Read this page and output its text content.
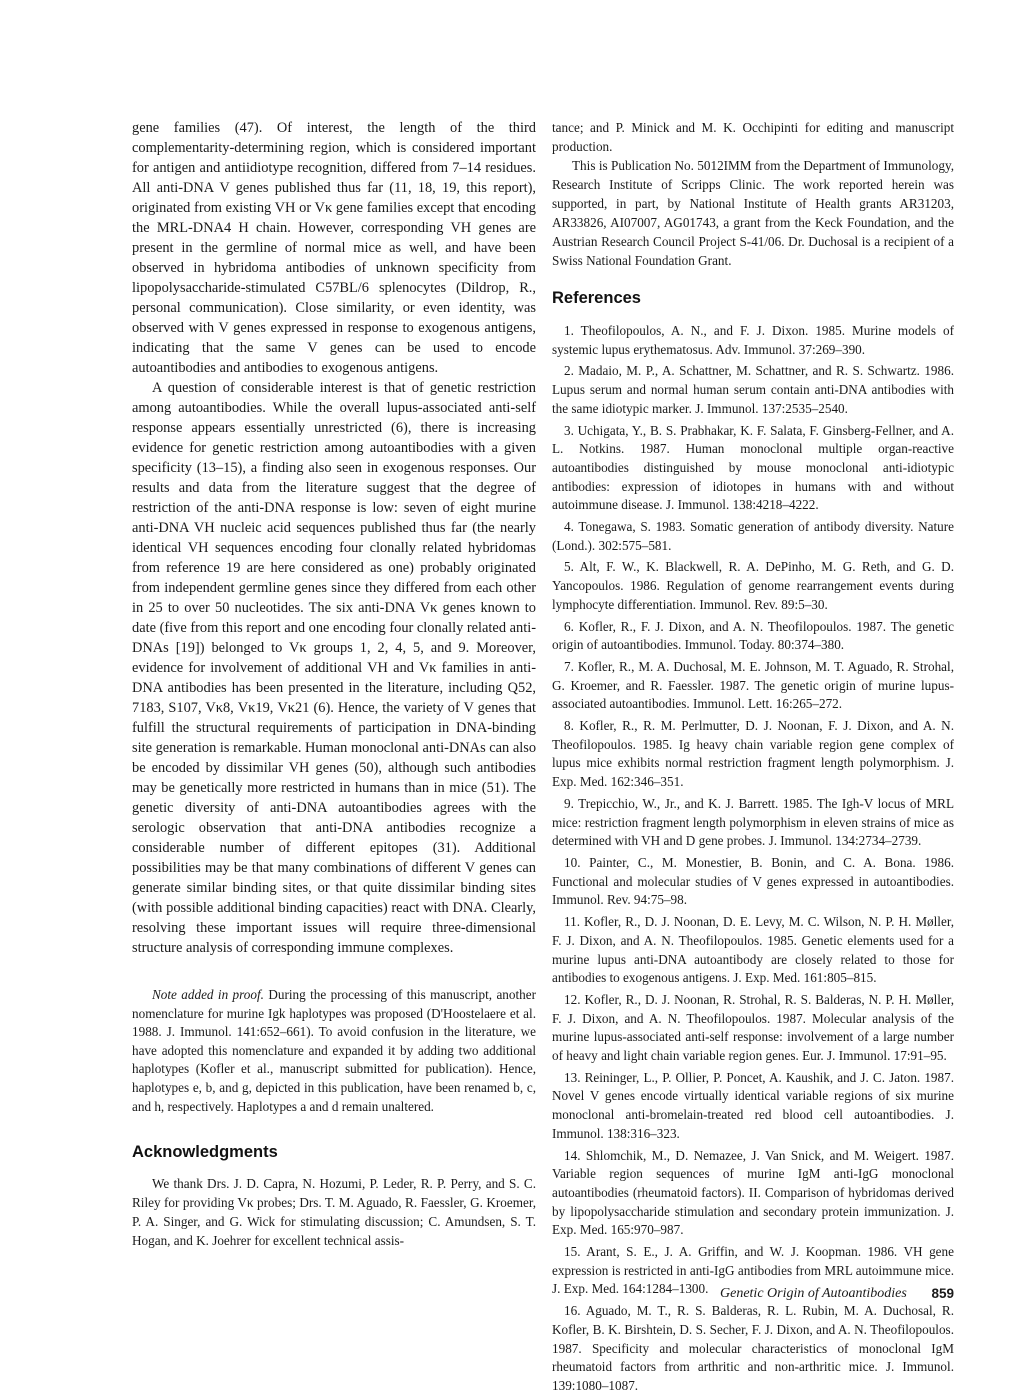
gene families (47). Of interest, the length of the third complementarity-determining region, which is considered important for antigen and antiidiotype recognition, differed from 7–14 residues. All anti-DNA V genes published thus far (11, 18, 19, this report), originated from existing VH or Vκ gene families except that encoding the MRL-DNA4 H chain. However, corresponding VH genes are present in the germline of normal mice as well, and have been observed in hybridoma antibodies of unknown specificity from lipopolysaccharide-stimulated C57BL/6 splenocytes (Dildrop, R., personal communication). Close similarity, or even identity, was observed with V genes expressed in response to exogenous antigens, indicating that the same V genes can be used to encode autoantibodies and antibodies to exogenous antigens.

A question of considerable interest is that of genetic restriction among autoantibodies. While the overall lupus-associated anti-self response appears essentially unrestricted (6), there is increasing evidence for genetic restriction among autoantibodies with a given specificity (13–15), a finding also seen in exogenous responses. Our results and data from the literature suggest that the degree of restriction of the anti-DNA response is low: seven of eight murine anti-DNA VH nucleic acid sequences published thus far (the nearly identical VH sequences encoding four clonally related hybridomas from reference 19 are here considered as one) probably originated from independent germline genes since they differed from each other in 25 to over 50 nucleotides. The six anti-DNA Vκ genes known to date (five from this report and one encoding four clonally related anti-DNAs [19]) belonged to Vκ groups 1, 2, 4, 5, and 9. Moreover, evidence for involvement of additional VH and Vκ families in anti-DNA antibodies has been presented in the literature, including Q52, 7183, S107, Vκ8, Vκ19, Vκ21 (6). Hence, the variety of V genes that fulfill the structural requirements of participation in DNA-binding site generation is remarkable. Human monoclonal anti-DNAs can also be encoded by dissimilar VH genes (50), although such antibodies may be genetically more restricted in humans than in mice (51). The genetic diversity of anti-DNA autoantibodies agrees with the serologic observation that anti-DNA antibodies recognize a considerable number of different epitopes (31). Additional possibilities may be that many combinations of different V genes can generate similar binding sites, or that quite dissimilar binding sites (with possible additional binding capacities) react with DNA. Clearly, resolving these important issues will require three-dimensional structure analysis of corresponding immune complexes.

Note added in proof. During the processing of this manuscript, another nomenclature for murine Igk haplotypes was proposed (D'Hoostelaere et al. 1988. J. Immunol. 141:652–661). To avoid confusion in the literature, we have adopted this nomenclature and expanded it by adding two additional haplotypes (Kofler et al., manuscript submitted for publication). Hence, haplotypes e, b, and g, depicted in this publication, have been renamed b, c, and h, respectively. Haplotypes a and d remain unaltered.

Acknowledgments

We thank Drs. J. D. Capra, N. Hozumi, P. Leder, R. P. Perry, and S. C. Riley for providing Vκ probes; Drs. T. M. Aguado, R. Faessler, G. Kroemer, P. A. Singer, and G. Wick for stimulating discussion; C. Amundsen, S. T. Hogan, and K. Joehrer for excellent technical assis-

tance; and P. Minick and M. K. Occhipinti for editing and manuscript production.

This is Publication No. 5012IMM from the Department of Immunology, Research Institute of Scripps Clinic. The work reported herein was supported, in part, by National Institute of Health grants AR31203, AR33826, AI07007, AG01743, a grant from the Keck Foundation, and the Austrian Research Council Project S-41/06. Dr. Duchosal is a recipient of a Swiss National Foundation Grant.

References
1. Theofilopoulos, A. N., and F. J. Dixon. 1985. Murine models of systemic lupus erythematosus. Adv. Immunol. 37:269–390.
2. Madaio, M. P., A. Schattner, M. Schattner, and R. S. Schwartz. 1986. Lupus serum and normal human serum contain anti-DNA antibodies with the same idiotypic marker. J. Immunol. 137:2535–2540.
3. Uchigata, Y., B. S. Prabhakar, K. F. Salata, F. Ginsberg-Fellner, and A. L. Notkins. 1987. Human monoclonal multiple organ-reactive autoantibodies distinguished by mouse monoclonal anti-idiotypic antibodies: expression of idiotopes in humans with and without autoimmune disease. J. Immunol. 138:4218–4222.
4. Tonegawa, S. 1983. Somatic generation of antibody diversity. Nature (Lond.). 302:575–581.
5. Alt, F. W., K. Blackwell, R. A. DePinho, M. G. Reth, and G. D. Yancopoulos. 1986. Regulation of genome rearrangement events during lymphocyte differentiation. Immunol. Rev. 89:5–30.
6. Kofler, R., F. J. Dixon, and A. N. Theofilopoulos. 1987. The genetic origin of autoantibodies. Immunol. Today. 80:374–380.
7. Kofler, R., M. A. Duchosal, M. E. Johnson, M. T. Aguado, R. Strohal, G. Kroemer, and R. Faessler. 1987. The genetic origin of murine lupus-associated autoantibodies. Immunol. Lett. 16:265–272.
8. Kofler, R., R. M. Perlmutter, D. J. Noonan, F. J. Dixon, and A. N. Theofilopoulos. 1985. Ig heavy chain variable region gene complex of lupus mice exhibits normal restriction fragment length polymorphism. J. Exp. Med. 162:346–351.
9. Trepicchio, W., Jr., and K. J. Barrett. 1985. The Igh-V locus of MRL mice: restriction fragment length polymorphism in eleven strains of mice as determined with VH and D gene probes. J. Immunol. 134:2734–2739.
10. Painter, C., M. Monestier, B. Bonin, and C. A. Bona. 1986. Functional and molecular studies of V genes expressed in autoantibodies. Immunol. Rev. 94:75–98.
11. Kofler, R., D. J. Noonan, D. E. Levy, M. C. Wilson, N. P. H. Møller, F. J. Dixon, and A. N. Theofilopoulos. 1985. Genetic elements used for a murine lupus anti-DNA autoantibody are closely related to those for antibodies to exogenous antigens. J. Exp. Med. 161:805–815.
12. Kofler, R., D. J. Noonan, R. Strohal, R. S. Balderas, N. P. H. Møller, F. J. Dixon, and A. N. Theofilopoulos. 1987. Molecular analysis of the murine lupus-associated anti-self response: involvement of a large number of heavy and light chain variable region genes. Eur. J. Immunol. 17:91–95.
13. Reininger, L., P. Ollier, P. Poncet, A. Kaushik, and J. C. Jaton. 1987. Novel V genes encode virtually identical variable regions of six murine monoclonal anti-bromelain-treated red blood cell autoantibodies. J. Immunol. 138:316–323.
14. Shlomchik, M., D. Nemazee, J. Van Snick, and M. Weigert. 1987. Variable region sequences of murine IgM anti-IgG monoclonal autoantibodies (rheumatoid factors). II. Comparison of hybridomas derived by lipopolysaccharide stimulation and secondary protein immunization. J. Exp. Med. 165:970–987.
15. Arant, S. E., J. A. Griffin, and W. J. Koopman. 1986. VH gene expression is restricted in anti-IgG antibodies from MRL autoimmune mice. J. Exp. Med. 164:1284–1300.
16. Aguado, M. T., R. S. Balderas, R. L. Rubin, M. A. Duchosal, R. Kofler, B. K. Birshtein, D. S. Secher, F. J. Dixon, and A. N. Theofilopoulos. 1987. Specificity and molecular characteristics of monoclonal IgM rheumatoid factors from arthritic and non-arthritic mice. J. Immunol. 139:1080–1087.
Genetic Origin of Autoantibodies 859
